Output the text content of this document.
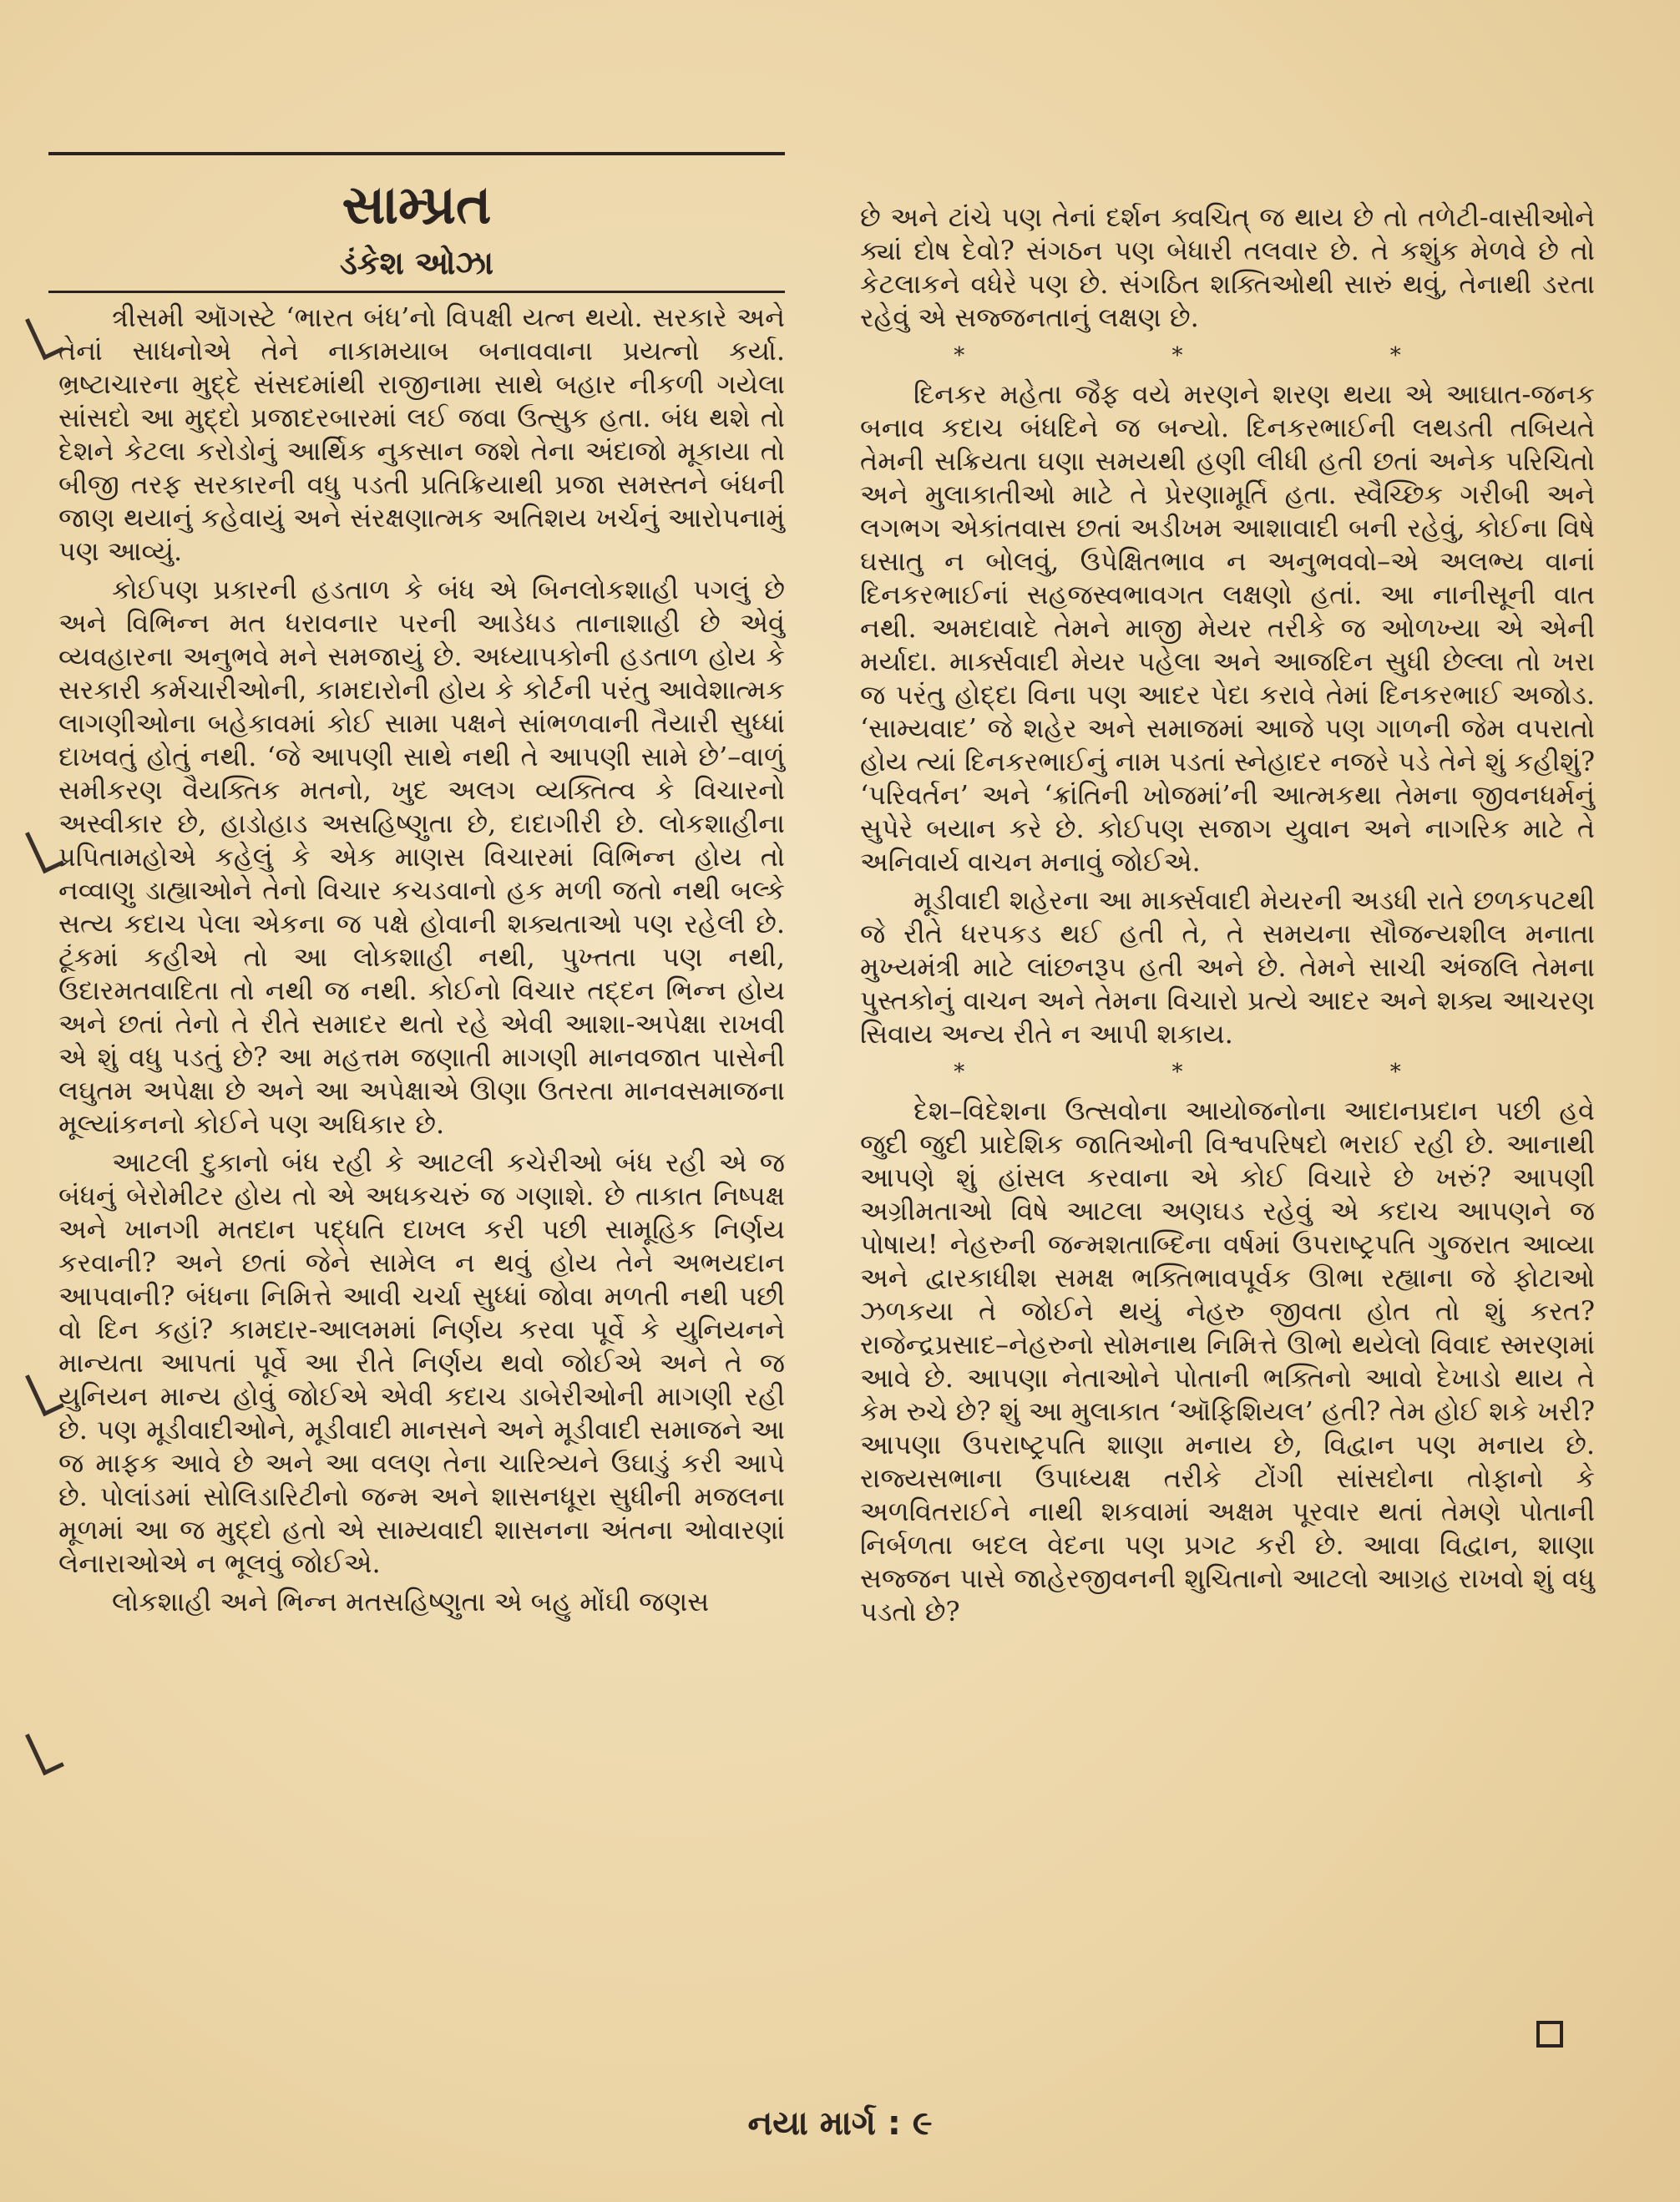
સામ્પ્રત
ડંકેશ ઓઝા

ત્રીસમી ઑગસ્ટે ‘ભારત બંધ’નો વિપક્ષી યત્ન થયો. સરકારે અને તેનાં સાધનોએ તેને નાકામયાબ બનાવવાના પ્રયત્નો કર્યા. ભ્રષ્ટાચારના મુદ્દે સંસદમાંથી રાજીનામા સાથે બહાર નીકળી ગયેલા સાંસદો આ મુદ્દો પ્રજાદરબારમાં લઈ જવા ઉત્સુક હતા. બંધ થશે તો દેશને કેટલા કરોડોનું આર્થિક નુકસાન જશે તેના અંદાજો મૂકાયા તો બીજી તરફ સરકારની વધુ પડતી પ્રતિક્રિયાથી પ્રજા સમસ્તને બંધની જાણ થયાનું કહેવાયું અને સંરક્ષણાત્મક અતિશય ખર્ચનું આરોપનામું પણ આવ્યું.

કોઈપણ પ્રકારની હડતાળ કે બંધ એ બિનલોકશાહી પગલું છે અને વિભિન્ન મત ધરાવનાર પરની આડેધડ તાનાશાહી છે એવું વ્યવહારના અનુભવે મને સમજાયું છે. અધ્યાપકોની હડતાળ હોય કે સરકારી કર્મચારીઓની, કામદારોની હોય કે કોર્ટની પરંતુ આવેશાત્મક લાગણીઓના બહેકાવમાં કોઈ સામા પક્ષને સાંભળવાની તૈયારી સુધ્ધાં દાખવતું હોતું નથી. ‘જે આપણી સાથે નથી તે આપણી સામે છે’–વાળું સમીકરણ વૈયક્તિક મતનો, ખુદ અલગ વ્યક્તિત્વ કે વિચારનો અસ્વીકાર છે, હાડોહાડ અસહિષ્ણુતા છે, દાદાગીરી છે. લોકશાહીના પ્રપિતામહોએ કહેલું કે એક માણસ વિચારમાં વિભિન્ન હોય તો નવ્વાણુ ડાહ્યાઓને તેનો વિચાર કચડવાનો હક મળી જતો નથી બલ્કે સત્ય કદાચ પેલા એકના જ પક્ષે હોવાની શક્યતાઓ પણ રહેલી છે. ટૂંકમાં કહીએ તો આ લોકશાહી નથી, પુખ્તતા પણ નથી, ઉદારમતવાદિતા તો નથી જ નથી. કોઈનો વિચાર તદ્દન ભિન્ન હોય અને છતાં તેનો તે રીતે સમાદર થતો રહે એવી આશા-અપેક્ષા રાખવી એ શું વધુ પડતું છે? આ મહત્તમ જણાતી માગણી માનવજાત પાસેની લઘુતમ અપેક્ષા છે અને આ અપેક્ષાએ ઊણા ઉતરતા માનવસમાજના મૂલ્યાંકનનો કોઈને પણ અધિકાર છે.

આટલી દુકાનો બંધ રહી કે આટલી કચેરીઓ બંધ રહી એ જ બંધનું બેરોમીટર હોય તો એ અધકચરું જ ગણાશે. છે તાકાત નિષ્પક્ષ અને ખાનગી મતદાન પદ્ધતિ દાખલ કરી પછી સામૂહિક નિર્ણય કરવાની? અને છતાં જેને સામેલ ન થવું હોય તેને અભયદાન આપવાની? બંધના નિમિત્તે આવી ચર્ચા સુધ્ધાં જોવા મળતી નથી પછી વો દિન કહાં? કામદાર-આલમમાં નિર્ણય કરવા પૂર્વે કે યુનિયનને માન્યતા આપતાં પૂર્વે આ રીતે નિર્ણય થવો જોઈએ અને તે જ યુનિયન માન્ય હોવું જોઈએ એવી કદાચ ડાબેરીઓની માગણી રહી છે. પણ મૂડીવાદીઓને, મૂડીવાદી માનસને અને મૂડીવાદી સમાજને આ જ માફક આવે છે અને આ વલણ તેના ચારિત્ર્યને ઉઘાડું કરી આપે છે. પોલાંડમાં સોલિડારિટીનો જન્મ અને શાસનધૂરા સુધીની મજલના મૂળમાં આ જ મુદ્દો હતો એ સામ્યવાદી શાસનના અંતના ઓવારણાં લેનારાઓએ ન ભૂલવું જોઈએ.

લોકશાહી અને ભિન્ન મતસહિષ્ણુતા એ બહુ મોંઘી જણસ

છે અને ટાંચે પણ તેનાં દર્શન ક્વચિત્ જ થાય છે તો તળેટી-વાસીઓને ક્યાં દોષ દેવો? સંગઠન પણ બેધારી તલવાર છે. તે કશુંક મેળવે છે તો કેટલાકને વધેરે પણ છે. સંગઠિત શક્તિઓથી સારું થવું, તેનાથી ડરતા રહેવું એ સજ્જનતાનું લક્ષણ છે.

* * *

દિનકર મહેતા જૈફ વયે મરણને શરણ થયા એ આઘાત-જનક બનાવ કદાચ બંધદિને જ બન્યો. દિનકરભાઈની લથડતી તબિયતે તેમની સક્રિયતા ઘણા સમયથી હણી લીધી હતી છતાં અનેક પરિચિતો અને મુલાકાતીઓ માટે તે પ્રેરણામૂર્તિ હતા. સ્વૈચ્છિક ગરીબી અને લગભગ એકાંતવાસ છતાં અડીખમ આશાવાદી બની રહેવું, કોઈના વિષે ઘસાતુ ન બોલવું, ઉપેક્ષિતભાવ ન અનુભવવો–એ અલભ્ય વાનાં દિનકરભાઈનાં સહજસ્વભાવગત લક્ષણો હતાં. આ નાનીસૂની વાત નથી. અમદાવાદે તેમને માજી મેયર તરીકે જ ઓળખ્યા એ એની મર્યાદા. માર્ક્સવાદી મેયર પહેલા અને આજદિન સુધી છેલ્લા તો ખરા જ પરંતુ હોદ્દા વિના પણ આદર પેદા કરાવે તેમાં દિનકરભાઈ અજોડ. ‘સામ્યવાદ’ જે શહેર અને સમાજમાં આજે પણ ગાળની જેમ વપરાતો હોય ત્યાં દિનકરભાઈનું નામ પડતાં સ્નેહાદર નજરે પડે તેને શું કહીશું? ‘પરિવર્તન’ અને ‘ક્રાંતિની ખોજમાં’ની આત્મકથા તેમના જીવનધર્મનું સુપેરે બયાન કરે છે. કોઈપણ સજાગ યુવાન અને નાગરિક માટે તે અનિવાર્ય વાચન મનાવું જોઈએ.

મૂડીવાદી શહેરના આ માર્ક્સવાદી મેયરની અડધી રાતે છળકપટથી જે રીતે ધરપકડ થઈ હતી તે, તે સમયના સૌજન્યશીલ મનાતા મુખ્યમંત્રી માટે લાંછનરૂપ હતી અને છે. તેમને સાચી અંજલિ તેમના પુસ્તકોનું વાચન અને તેમના વિચારો પ્રત્યે આદર અને શક્ય આચરણ સિવાય અન્ય રીતે ન આપી શકાય.

* * *

દેશ–વિદેશના ઉત્સવોના આયોજનોના આદાનપ્રદાન પછી હવે જુદી જુદી પ્રાદેશિક જાતિઓની વિશ્વપરિષદો ભરાઈ રહી છે. આનાથી આપણે શું હાંસલ કરવાના એ કોઈ વિચારે છે ખરું? આપણી અગ્રીમતાઓ વિષે આટલા અણઘડ રહેવું એ કદાચ આપણને જ પોષાય! નેહરુની જન્મશતાબ્દિના વર્ષમાં ઉપરાષ્ટ્રપતિ ગુજરાત આવ્યા અને દ્વારકાધીશ સમક્ષ ભક્તિભાવપૂર્વક ઊભા રહ્યાના જે ફોટાઓ ઝળકયા તે જોઈને થયું નેહરુ જીવતા હોત તો શું કરત? રાજેન્દ્રપ્રસાદ–નેહરુનો સોમનાથ નિમિત્તે ઊભો થયેલો વિવાદ સ્મરણમાં આવે છે. આપણા નેતાઓને પોતાની ભક્તિનો આવો દેખાડો થાય તે કેમ રુચે છે? શું આ મુલાકાત ‘ઑફિશિયલ’ હતી? તેમ હોઈ શકે ખરી? આપણા ઉપરાષ્ટ્રપતિ શાણા મનાય છે, વિદ્વાન પણ મનાય છે. રાજ્યસભાના ઉપાધ્યક્ષ તરીકે ટોંગી સાંસદોના તોફાનો કે અળવિતરાઈને નાથી શકવામાં અક્ષમ પૂરવાર થતાં તેમણે પોતાની નિર્બળતા બદલ વેદના પણ પ્રગટ કરી છે. આવા વિદ્વાન, શાણા સજ્જન પાસે જાહેરજીવનની શુચિતાનો આટલો આગ્રહ રાખવો શું વધુ પડતો છે?

નયા માર્ગ : ૯
